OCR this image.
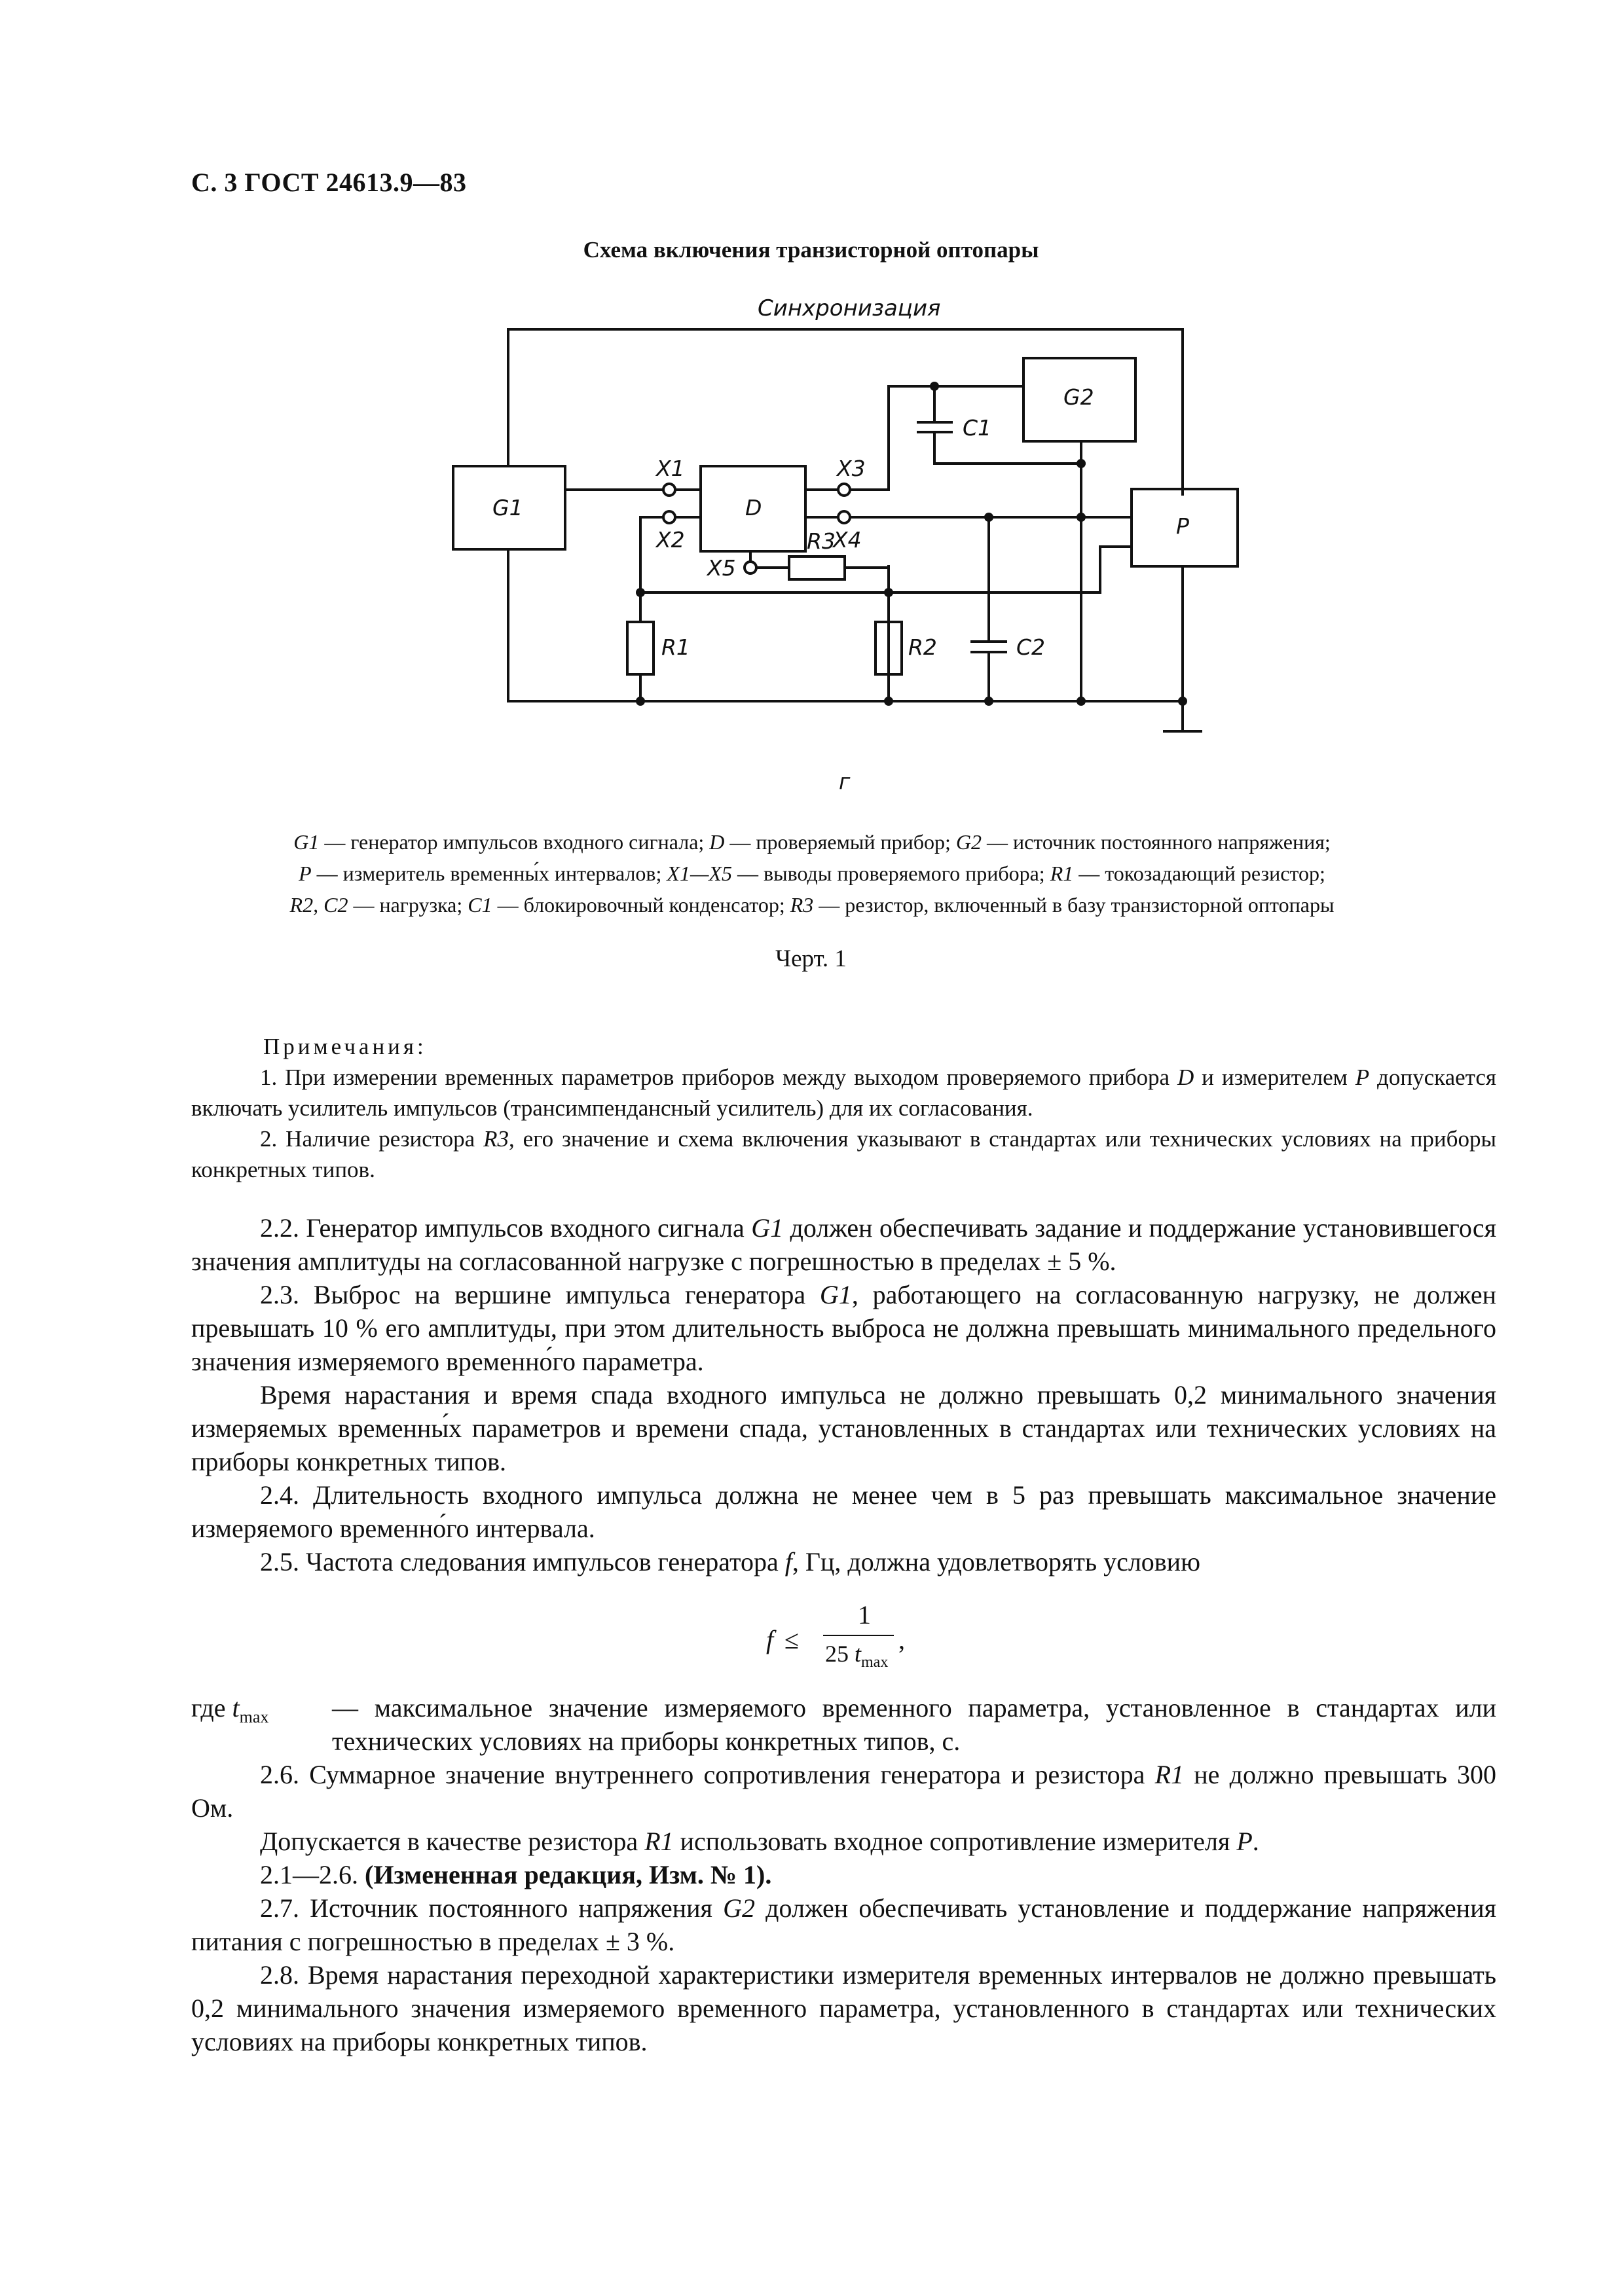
С. 3 ГОСТ 24613.9—83
Схема включения транзисторной оптопары
Синхронизация
G1	D
X1
X2
X3
X4
X5
R3
R1	R2	C2
C1
G2
P
г
G1 — генератор импульсов входного сигнала; D — проверяемый прибор; G2 — источник постоянного напряжения;
P — измеритель временны́х интервалов; X1—X5 — выводы проверяемого прибора; R1 — токозадающий резистор;
R2, C2 — нагрузка; C1 — блокировочный конденсатор; R3 — резистор, включенный в базу транзисторной оптопары
Черт. 1

Примечания:

1. При измерении временных параметров приборов между выходом проверяемого прибора D и измерителем P допускается включать усилитель импульсов (трансимпендансный усилитель) для их согласования.

2. Наличие резистора R3, его значение и схема включения указывают в стандартах или технических условиях на приборы конкретных типов.

2.2. Генератор импульсов входного сигнала G1 должен обеспечивать задание и поддержание установившегося значения амплитуды на согласованной нагрузке с погрешностью в пределах ± 5 %.

2.3. Выброс на вершине импульса генератора G1, работающего на согласованную нагрузку, не должен превышать 10 % его амплитуды, при этом длительность выброса не должна превышать минимального предельного значения измеряемого временно́го параметра.

Время нарастания и время спада входного импульса не должно превышать 0,2 минимального значения измеряемых временны́х параметров и времени спада, установленных в стандартах или технических условиях на приборы конкретных типов.

2.4. Длительность входного импульса должна не менее чем в 5 раз превышать максимальное значение измеряемого временно́го интервала.

2.5. Частота следования импульсов генератора f, Гц, должна удовлетворять условию

f ≤
1
25 $t_{max}$
,

где $t_{max}$ — максимальное значение измеряемого временного параметра, установленное в стандартах или технических условиях на приборы конкретных типов, с.

2.6. Суммарное значение внутреннего сопротивления генератора и резистора R1 не должно превышать 300 Ом.

Допускается в качестве резистора R1 использовать входное сопротивление измерителя P.

2.1—2.6. (Измененная редакция, Изм. № 1).

2.7. Источник постоянного напряжения G2 должен обеспечивать установление и поддержание напряжения питания с погрешностью в пределах ± 3 %.

2.8. Время нарастания переходной характеристики измерителя временных интервалов не должно превышать 0,2 минимального значения измеряемого временного параметра, установленного в стандартах или технических условиях на приборы конкретных типов.
